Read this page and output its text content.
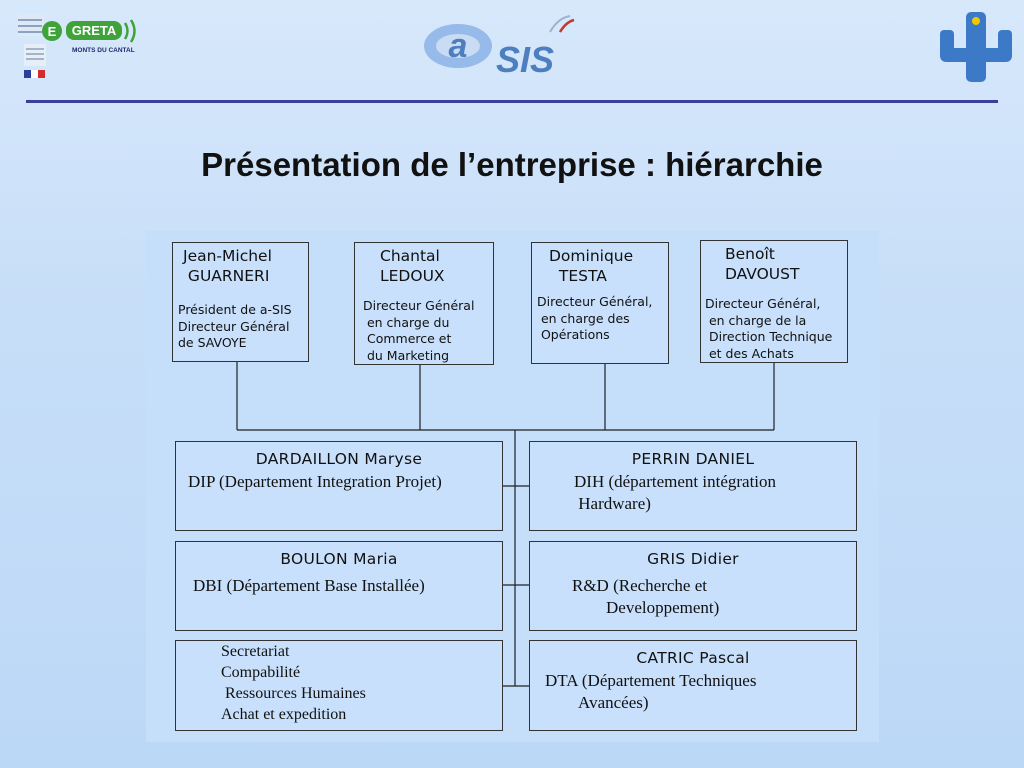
E GRETA
MONTS DU CANTAL	a SIS
Présentation de l’entreprise : hiérarchie
Jean-Michel
GUARNERI
Président de a-SIS
Directeur Général
de SAVOYE
Chantal
LEDOUX
Directeur Général
en charge du
Commerce et
du Marketing
Dominique
TESTA
Directeur Général,
en charge des
Opérations
Benoît
DAVOUST
Directeur Général,
en charge de la
Direction Technique
et des Achats
DARDAILLON Maryse
DIP (Departement Integration Projet)
PERRIN DANIEL
DIH (département intégration
Hardware)
BOULON Maria
DBI (Département Base Installée)
GRIS Didier
R&D (Recherche et
Developpement)
Secretariat
Compabilité
Ressources Humaines
Achat et expedition
CATRIC Pascal
DTA (Département Techniques
Avancées)
